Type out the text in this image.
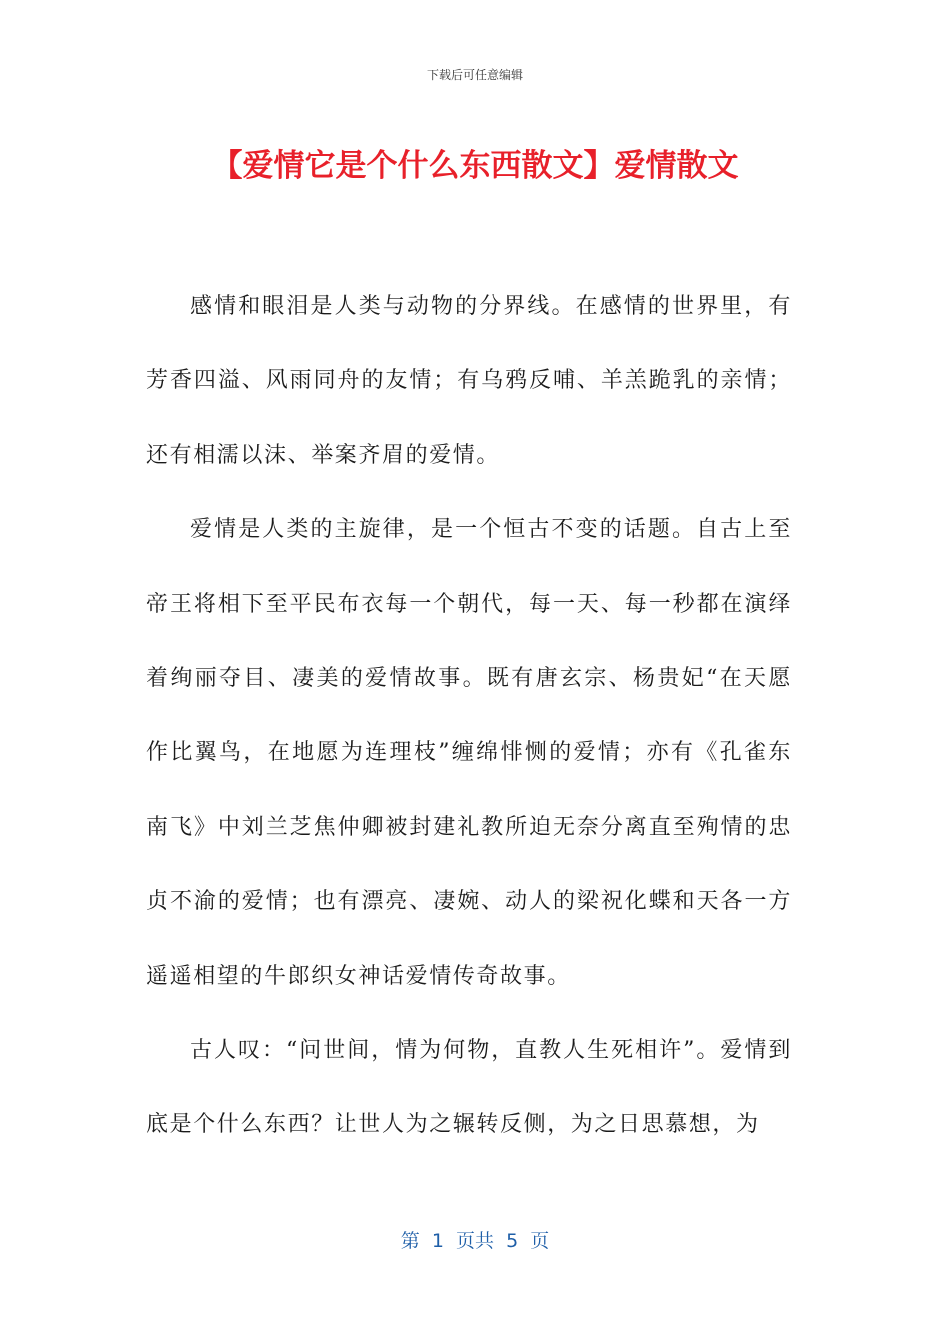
下载后可任意编辑
【爱情它是个什么东西散文】爱情散文

感情和眼泪是人类与动物的分界线。在感情的世界里，有芳香四溢、风雨同舟的友情；有乌鸦反哺、羊羔跪乳的亲情；还有相濡以沫、举案齐眉的爱情。

爱情是人类的主旋律，是一个恒古不变的话题。自古上至帝王将相下至平民布衣每一个朝代，每一天、每一秒都在演绎着绚丽夺目、凄美的爱情故事。既有唐玄宗、杨贵妃“在天愿作比翼鸟，在地愿为连理枝”缠绵悱恻的爱情；亦有《孔雀东南飞》中刘兰芝焦仲卿被封建礼教所迫无奈分离直至殉情的忠贞不渝的爱情；也有漂亮、凄婉、动人的梁祝化蝶和天各一方遥遥相望的牛郎织女神话爱情传奇故事。

古人叹：“问世间，情为何物，直教人生死相许”。爱情到底是个什么东西？让世人为之辗转反侧，为之日思慕想，为

第  1  页共  5  页
